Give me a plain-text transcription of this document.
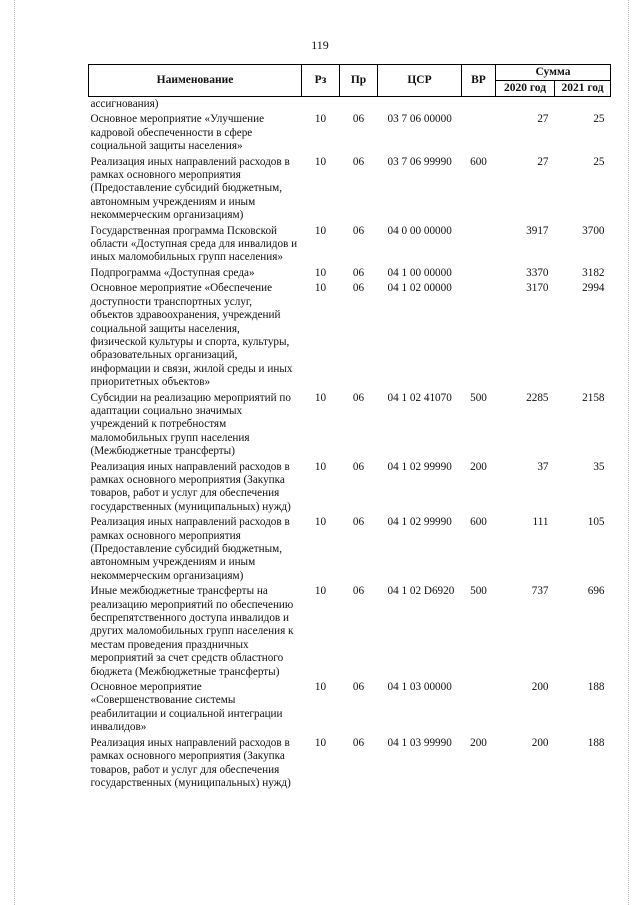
119
Наименование	Рз	Пр	ЦСР	ВР	Сумма	
					2020 год	2021 год
ассигнования)						
Основное мероприятие «Улучшение кадровой обеспеченности в сфере социальной защиты населения»	10	06	03 7 06 00000		27	25
Реализация иных направлений расходов в рамках основного мероприятия (Предоставление субсидий бюджетным, автономным учреждениям и иным некоммерческим организациям)	10	06	03 7 06 99990	600	27	25
Государственная программа Псковской области «Доступная среда для инвалидов и иных маломобильных групп населения»	10	06	04 0 00 00000		3917	3700
Подпрограмма «Доступная среда»	10	06	04 1 00 00000		3370	3182
Основное мероприятие «Обеспечение доступности транспортных услуг, объектов здравоохранения, учреждений социальной защиты населения, физической культуры и спорта, культуры, образовательных организаций, информации и связи, жилой среды и иных приоритетных объектов»	10	06	04 1 02 00000		3170	2994
Субсидии на реализацию мероприятий по адаптации социально значимых учреждений к потребностям маломобильных групп населения (Межбюджетные трансферты)	10	06	04 1 02 41070	500	2285	2158
Реализация иных направлений расходов в рамках основного мероприятия (Закупка товаров, работ и услуг для обеспечения государственных (муниципальных) нужд)	10	06	04 1 02 99990	200	37	35
Реализация иных направлений расходов в рамках основного мероприятия (Предоставление субсидий бюджетным, автономным учреждениям и иным некоммерческим организациям)	10	06	04 1 02 99990	600	111	105
Иные межбюджетные трансферты на реализацию мероприятий по обеспечению беспрепятственного доступа инвалидов и других маломобильных групп населения к местам проведения праздничных мероприятий за счет средств областного бюджета (Межбюджетные трансферты)	10	06	04 1 02 D6920	500	737	696
Основное мероприятие «Совершенствование системы реабилитации и социальной интеграции инвалидов»	10	06	04 1 03 00000		200	188
Реализация иных направлений расходов в рамках основного мероприятия (Закупка товаров, работ и услуг для обеспечения государственных (муниципальных) нужд)	10	06	04 1 03 99990	200	200	188
